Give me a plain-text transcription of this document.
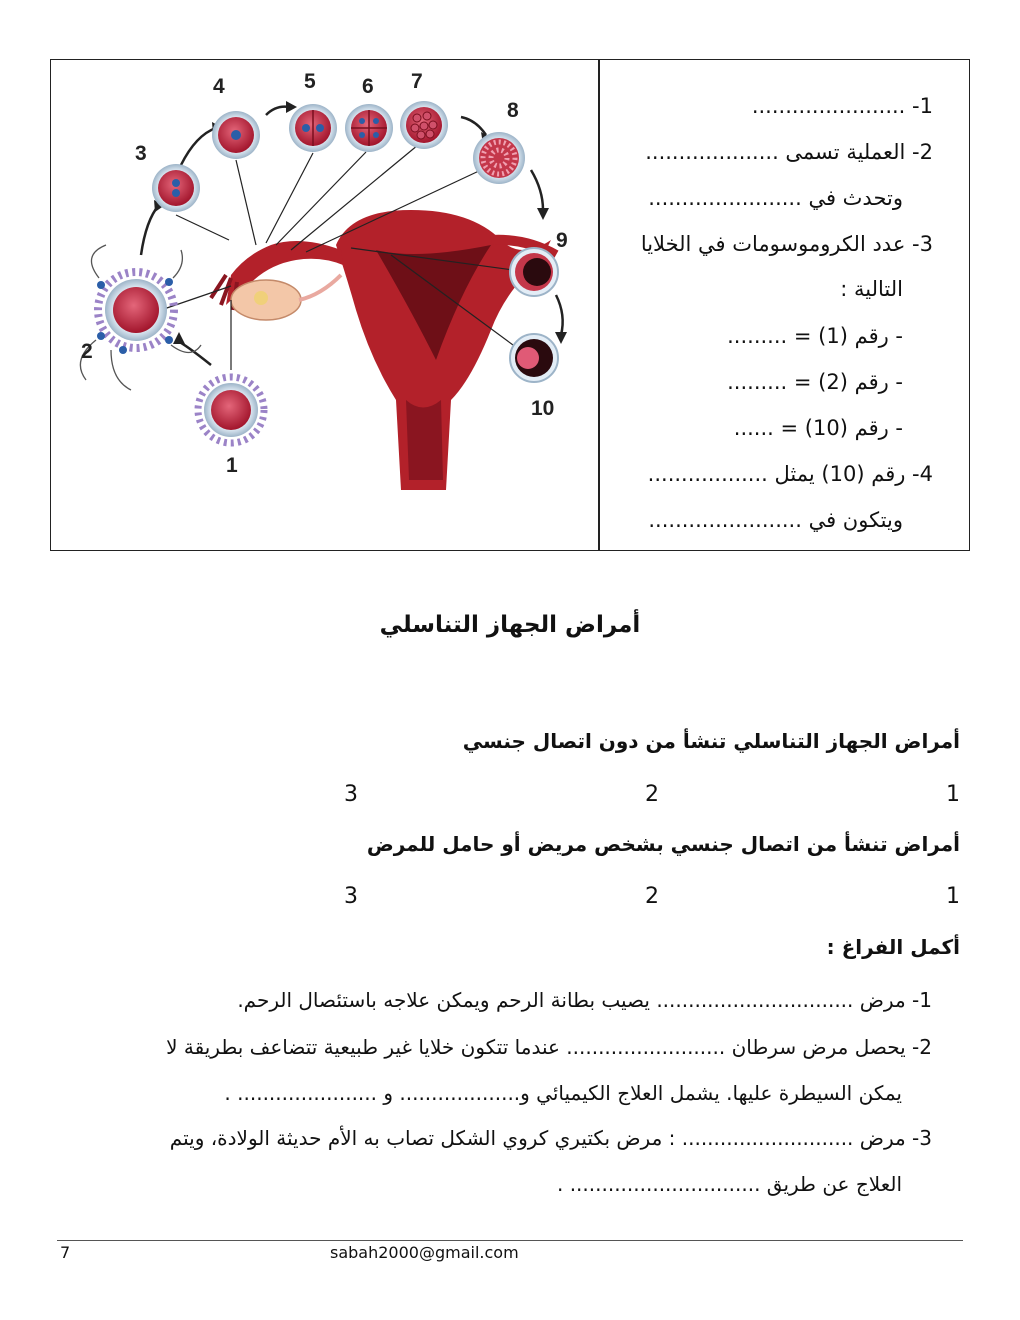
1
2
3
4	5 6 7
8
9
10
1- .......................
2- العملية تسمى ....................
وتحدث في .......................
3- عدد الكروموسومات في الخلايا
التالية :
- رقم (1) = .........
- رقم (2) = .........
- رقم (10) = ......
4- رقم (10) يمثل ..................
ويتكون في .......................
أمراض الجهاز التناسلي
أمراض الجهاز التناسلي تنشأ من دون اتصال جنسي
1
2
3
أمراض تنشأ من اتصال جنسي بشخص مريض أو حامل للمرض
1
2
3
أكمل الفراغ :
1- مرض ............................... يصيب بطانة الرحم ويمكن علاجه باستئصال الرحم.
2- يحصل مرض سرطان ......................... عندما تتكون خلايا غير طبيعية تتضاعف بطريقة لا
يمكن السيطرة عليها. يشمل العلاج الكيميائي و................... و ...................... .
3- مرض ........................... : مرض بكتيري كروي الشكل تصاب به الأم حديثة الولادة، ويتم
العلاج عن طريق .............................. .
7	sabah2000@gmail.com
